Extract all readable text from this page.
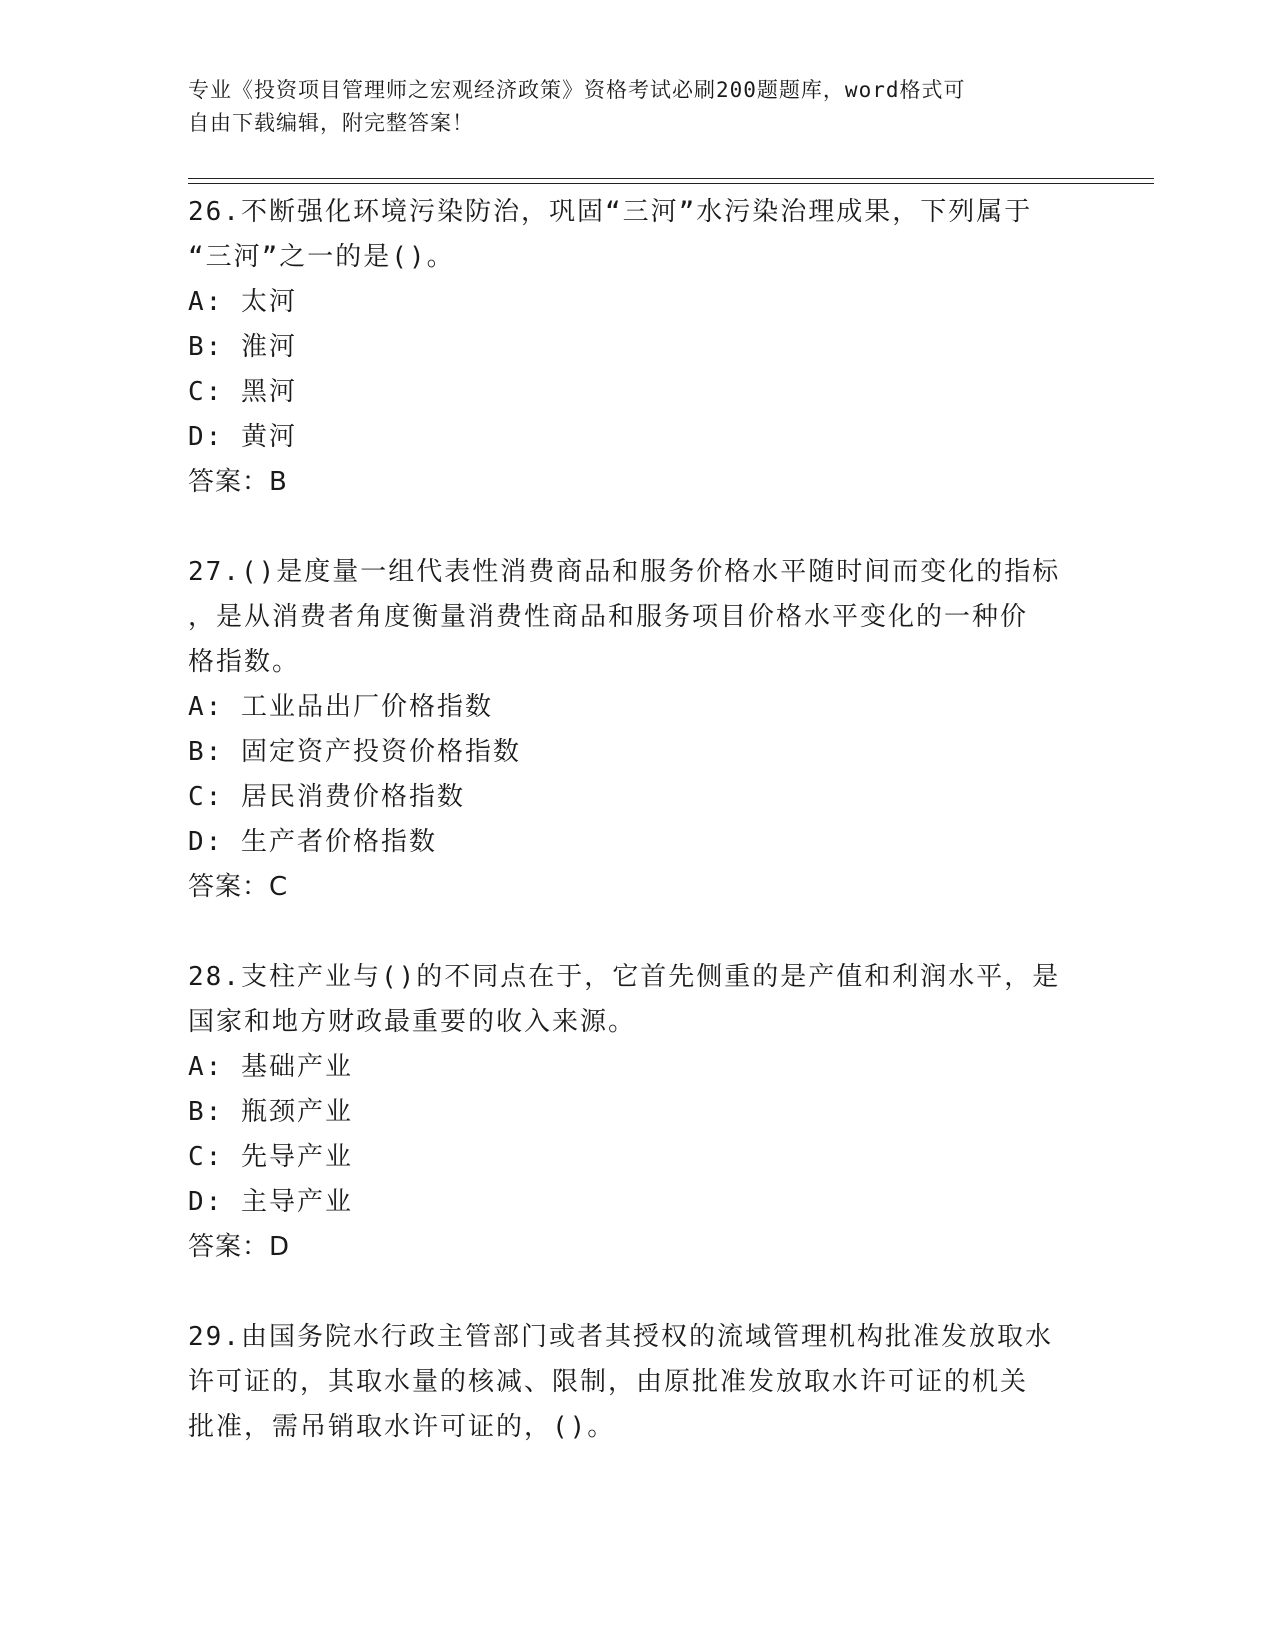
专业《投资项目管理师之宏观经济政策》资格考试必刷200题题库，word格式可
自由下载编辑，附完整答案！
26.不断强化环境污染防治，巩固“三河”水污染治理成果，下列属于
“三河”之一的是()。
A: 太河
B: 淮河
C: 黑河
D: 黄河
答案：B
27.()是度量一组代表性消费商品和服务价格水平随时间而变化的指标
，是从消费者角度衡量消费性商品和服务项目价格水平变化的一种价
格指数。
A: 工业品出厂价格指数
B: 固定资产投资价格指数
C: 居民消费价格指数
D: 生产者价格指数
答案：C
28.支柱产业与()的不同点在于，它首先侧重的是产值和利润水平，是
国家和地方财政最重要的收入来源。
A: 基础产业
B: 瓶颈产业
C: 先导产业
D: 主导产业
答案：D
29.由国务院水行政主管部门或者其授权的流域管理机构批准发放取水
许可证的，其取水量的核减、限制，由原批准发放取水许可证的机关
批准，需吊销取水许可证的，()。
